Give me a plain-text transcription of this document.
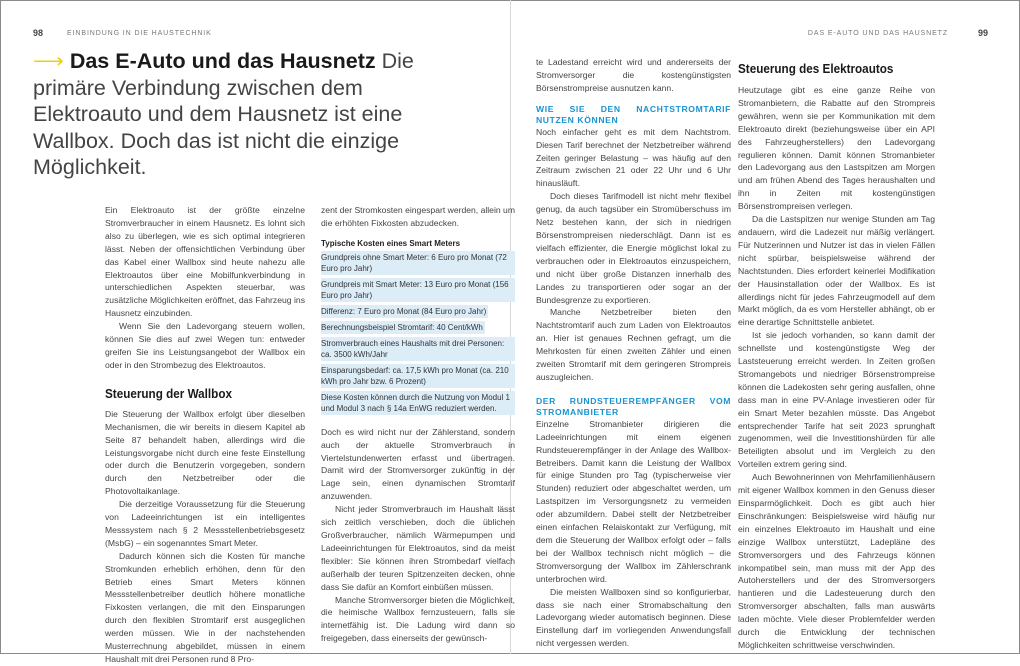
98	EINBINDUNG IN DIE HAUSTECHNIK	DAS E-AUTO UND DAS HAUSNETZ	99
⟶ Das E-Auto und das Hausnetz Die primäre Verbindung zwischen dem Elektroauto und dem Hausnetz ist eine Wallbox. Doch das ist nicht die einzige Möglichkeit.

Ein Elektroauto ist der größte einzelne Stromverbraucher in einem Hausnetz. Es lohnt sich also zu überlegen, wie es sich optimal integrieren lässt. Neben der offensichtlichen Verbindung über das Kabel einer Wallbox sind heute nahezu alle Elektroautos über eine Mobilfunkverbindung in unterschiedlichen Aspekten steuerbar, was zusätzliche Möglichkeiten eröffnet, das Fahrzeug ins Hausnetz einzubinden.

Wenn Sie den Ladevorgang steuern wollen, können Sie dies auf zwei Wegen tun: entweder greifen Sie ins Leistungsangebot der Wallbox ein oder in den Strombezug des Elektroautos.

Steuerung der Wallbox

Die Steuerung der Wallbox erfolgt über dieselben Mechanismen, die wir bereits in diesem Kapitel ab Seite 87 behandelt haben, allerdings wird die Leistungsvorgabe nicht durch eine feste Einstellung oder durch die Benutzerin vorgegeben, sondern durch den Netzbetreiber oder die Photovoltaikanlage.

Die derzeitige Voraussetzung für die Steuerung von Ladeeinrichtungen ist ein intelligentes Messsystem nach § 2 Messstellenbetriebsgesetz (MsbG) – ein sogenanntes Smart Meter.

Dadurch können sich die Kosten für manche Stromkunden erheblich erhöhen, denn für den Betrieb eines Smart Meters können Messstellenbetreiber deutlich höhere monatliche Fixkosten verlangen, die mit den Einsparungen durch den flexiblen Stromtarif erst ausgeglichen werden müssen. Wie in der nachstehenden Musterrechnung abgebildet, müssen in einem Haushalt mit drei Personen rund 8 Pro-

zent der Stromkosten eingespart werden, allein um die erhöhten Fixkosten abzudecken.

Typische Kosten eines Smart Meters

Grundpreis ohne Smart Meter: 6 Euro pro Monat (72 Euro pro Jahr) Grundpreis mit Smart Meter: 13 Euro pro Monat (156 Euro pro Jahr) Differenz: 7 Euro pro Monat (84 Euro pro Jahr) Berechnungsbeispiel Stromtarif: 40 Cent/kWh Stromverbrauch eines Haushalts mit drei Personen: ca. 3500 kWh/Jahr Einsparungsbedarf: ca. 17,5 kWh pro Monat (ca. 210 kWh pro Jahr bzw. 6 Prozent) Diese Kosten können durch die Nutzung von Modul 1 und Modul 3 nach § 14a EnWG reduziert werden.

Doch es wird nicht nur der Zählerstand, sondern auch der aktuelle Stromverbrauch in Viertelstundenwerten erfasst und übertragen. Damit wird der Stromversorger zukünftig in der Lage sein, einen dynamischen Stromtarif anzuwenden.

Nicht jeder Stromverbrauch im Haushalt lässt sich zeitlich verschieben, doch die üblichen Großverbraucher, nämlich Wärmepumpen und Ladeeinrichtungen für Elektroautos, sind da meist flexibler: Sie können ihren Strombedarf vielfach außerhalb der teuren Spitzenzeiten decken, ohne dass Sie dafür an Komfort einbüßen müssen.

Manche Stromversorger bieten die Möglichkeit, die heimische Wallbox fernzusteuern, falls sie internetfähig ist. Die Ladung wird dann so freigegeben, dass einerseits der gewünsch-

te Ladestand erreicht wird und andererseits der Stromversorger die kostengünstigsten Börsenstrompreise ausnutzen kann.

WIE SIE DEN NACHTSTROMTARIF NUTZEN KÖNNEN

Noch einfacher geht es mit dem Nachtstrom. Diesen Tarif berechnet der Netzbetreiber während Zeiten geringer Belastung – was häufig auf den Zeitraum zwischen 21 oder 22 Uhr und 6 Uhr hinausläuft.

Doch dieses Tarifmodell ist nicht mehr flexibel genug, da auch tagsüber ein Stromüberschuss im Netz bestehen kann, der sich in niedrigen Börsenstrompreisen niederschlägt. Dann ist es vielfach effizienter, die Energie möglichst lokal zu verbrauchen oder in Elektroautos einzuspeichern, und nicht über große Distanzen innerhalb des Landes zu transportieren oder sogar an der Bundesgrenze zu exportieren.

Manche Netzbetreiber bieten den Nachtstromtarif auch zum Laden von Elektroautos an. Hier ist genaues Rechnen gefragt, um die Mehrkosten für einen zweiten Zähler und einen zweiten Stromtarif mit dem geringeren Strompreis auszugleichen.

DER RUNDSTEUEREMPFÄNGER VOM STROMANBIETER

Einzelne Stromanbieter dirigieren die Ladeeinrichtungen mit einem eigenen Rundsteuerempfänger in der Anlage des Wallbox-Betreibers. Damit kann die Leistung der Wallbox für einige Stunden pro Tag (typischerweise vier Stunden) reduziert oder abgeschaltet werden, um Lastspitzen im Versorgungsnetz zu vermeiden oder abzumildern. Dabei stellt der Netzbetreiber einen einfachen Relaiskontakt zur Verfügung, mit dem die Steuerung der Wallbox erfolgt oder – falls bei der Wallbox technisch nicht möglich – die Stromversorgung der Wallbox im Zählerschrank unterbrochen wird.

Die meisten Wallboxen sind so konfigurierbar, dass sie nach einer Stromabschaltung den Ladevorgang wieder automatisch beginnen. Diese Einstellung darf im vorliegenden Anwendungsfall nicht vergessen werden.

Steuerung des Elektroautos

Heutzutage gibt es eine ganze Reihe von Stromanbietern, die Rabatte auf den Strompreis gewähren, wenn sie per Kommunikation mit dem Elektroauto direkt (beziehungsweise über ein API des Fahrzeugherstellers) den Ladevorgang regulieren können. Damit können Stromanbieter den Ladevorgang aus den Lastspitzen am Morgen und am frühen Abend des Tages heraushalten und ihn in Zeiten mit kostengünstigen Börsenstrompreisen verlegen.

Da die Lastspitzen nur wenige Stunden am Tag andauern, wird die Ladezeit nur mäßig verlängert. Für Nutzerinnen und Nutzer ist das in vielen Fällen nicht spürbar, beispielsweise während der Nachtstunden. Dies erfordert keinerlei Modifikation der Hausinstallation oder der Wallbox. Es ist allerdings nicht für jedes Fahrzeugmodell auf dem Markt möglich, da es vom Hersteller abhängt, ob er eine derartige Schnittstelle anbietet.

Ist sie jedoch vorhanden, so kann damit der schnellste und kostengünstigste Weg der Laststeuerung erreicht werden. In Zeiten großen Stromangebots und niedriger Börsenstrompreise können die Ladekosten sehr gering ausfallen, ohne dass man in eine PV-Anlage investieren oder für ein Smart Meter bezahlen müsste. Das Angebot entsprechender Tarife hat seit 2023 sprunghaft zugenommen, weil die Investitionshürden für alle Beteiligten absolut und im Vergleich zu den Vorteilen extrem gering sind.

Auch Bewohnerinnen von Mehrfamilienhäusern mit eigener Wallbox kommen in den Genuss dieser Einsparmöglichkeit. Doch es gibt auch hier Einschränkungen: Beispielsweise wird häufig nur ein einzelnes Elektroauto im Haushalt und eine einzige Wallbox unterstützt, Ladepläne des Stromversorgers und des Fahrzeugs können inkompatibel sein, man muss mit der App des Autoherstellers und der des Stromversorgers hantieren und die Ladesteuerung durch den Stromversorger abschalten, falls man auswärts laden möchte. Viele dieser Problemfelder werden durch die Entwicklung der technischen Möglichkeiten schrittweise verschwinden.
